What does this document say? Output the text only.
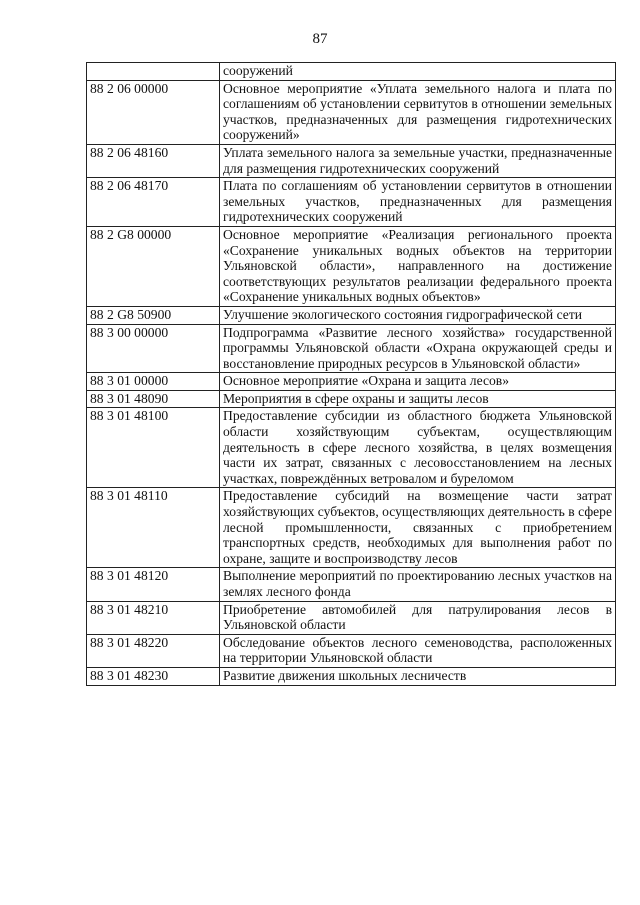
87
	сооружений
88 2 06 00000	Основное мероприятие «Уплата земельного налога и плата по соглашениям об установлении сервитутов в отношении земельных участков, предназначенных для размещения гидротехнических сооружений»
88 2 06 48160	Уплата земельного налога за земельные участки, предназначенные для размещения гидротехнических сооружений
88 2 06 48170	Плата по соглашениям об установлении сервитутов в отношении земельных участков, предназначенных для размещения гидротехнических сооружений
88 2 G8 00000	Основное мероприятие «Реализация регионального проекта «Сохранение уникальных водных объектов на территории Ульяновской области», направленного на достижение соответствующих результатов реализации федерального проекта «Сохранение уникальных водных объектов»
88 2 G8 50900	Улучшение экологического состояния гидрографической сети
88 3 00 00000	Подпрограмма «Развитие лесного хозяйства» государственной программы Ульяновской области «Охрана окружающей среды и восстановление природных ресурсов в Ульяновской области»
88 3 01 00000	Основное мероприятие «Охрана и защита лесов»
88 3 01 48090	Мероприятия в сфере охраны и защиты лесов
88 3 01 48100	Предоставление субсидии из областного бюджета Ульяновской области хозяйствующим субъектам, осуществляющим деятельность в сфере лесного хозяйства, в целях возмещения части их затрат, связанных с лесовосстановлением на лесных участках, повреждённых ветровалом и буреломом
88 3 01 48110	Предоставление субсидий на возмещение части затрат хозяйствующих субъектов, осуществляющих деятельность в сфере лесной промышленности, связанных с приобретением транспортных средств, необходимых для выполнения работ по охране, защите и воспроизводству лесов
88 3 01 48120	Выполнение мероприятий по проектированию лесных участков на землях лесного фонда
88 3 01 48210	Приобретение автомобилей для патрулирования лесов в Ульяновской области
88 3 01 48220	Обследование объектов лесного семеноводства, расположенных на территории Ульяновской области
88 3 01 48230	Развитие движения школьных лесничеств
